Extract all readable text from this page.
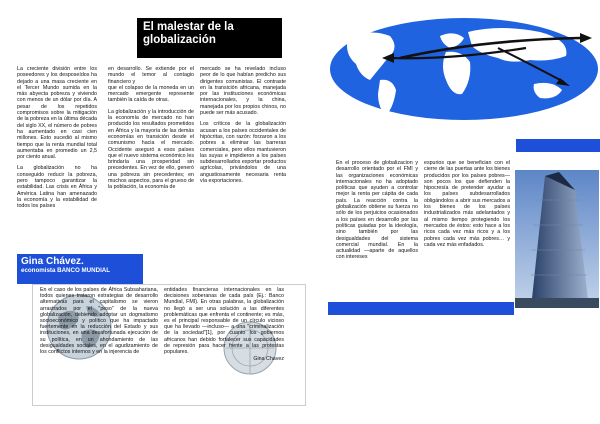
El malestar de la globalización

La creciente división entre los poseedores y los desposeídos ha dejado a una masa creciente en el Tercer Mundo sumida en la más abyecta pobreza y viviendo con menos de un dólar por día. A pesar de los repetidos compromisos sobre la mitigación de la pobreza en la última década del siglo XX, el número de pobres ha aumentado en casi cien millones. Esto sucedió al mismo tiempo que la renta mundial total aumentaba en promedio un 2,5 por ciento anual.

La globalización no ha conseguido reducir la pobreza, pero tampoco garantizar la estabilidad. Las crisis en África y América Latina han amenazado la economía y la estabilidad de todos los países

en desarrollo. Se extiende por el mundo el temor al contagio financiero y

que el colapso de la moneda en un mercado emergente represente también la caída de otras.

La globalización y la introducción de la economía de mercado no han producido los resultados prometidos en África y la mayoría de las demás economías en transición desde el comunismo hacia el mercado. Occidente aseguró a esos países que el nuevo sistema económico les brindaría una prosperidad sin precedentes. En vez de ello, generó una pobreza sin precedentes; en muchos aspectos, para el grueso de la población, la economía de

mercado se ha revelado incluso peor de lo que habían predicho sus dirigentes comunistas. El contraste en la transición africana, manejada por las instituciones económicas internacionales, y la china, manejada por los propios chinos, no puede ser más acusado.

Los críticos de la globalización acusan a los países occidentales de hipócritas, con razón: forzaron a los pobres a eliminar las barreras comerciales, pero ellos mantuvieron las suyas e impidieron a los países subdesarrollados exportar productos agrícolas, privándolos de una angustiosamente necesaria renta vía exportaciones.

Gina Chávez.
economista BANCO MUNDIAL

En el caso de los países de África Subsahariana, todos quienes trataron estrategias de desarrollo alternativas para el capitalismo se vieron arrastrados por el "peso" de la nueva globalización, debiendo adoptar un dogmatismo socioeconómico y político que ha impactado fuertemente en la reducción del Estado y sus instituciones, en una desafortunada ejecución de su política, en un ahondamiento de las desigualdades sociales, en el agudizamiento de los conflictos internos y en la injerencia de

entidades financieras internacionales en las decisiones soberanas de cada país (Ej.: Banco Mundial, FMI). En otras palabras, la globalización no llegó a ser una solución a las diferentes problemáticas que enfrenta el continente; es más, es el principal responsable de un círculo vicioso que ha llevado —incluso— a una "criminalización de la sociedad"[1], por cuanto los gobiernos africanos han debido fortalecer sus capacidades de represión para hacer frente a las protestas populares.

Gina Chavez

En el proceso de globalizacion y desarrollo orientado por el FMI y las organizaciones económicas internacionales no ha adoptado políticas que ayuden a controlar mejor la renta per cápita de cada país. La reacción contra la globalización obtiene su fuerza no sólo de los perjuicios ocasionados a los países en desarrollo por las políticas guiadas por la ideología, sino también por las desigualdades del sistema comercial mundial. En la actualidad —aparte de aquellos con intereses

espurios que se benefician con el cierre de las puertas ante los bienes producidos por los países pobres— son pocos los que defienden la hipocresía de pretender ayudar a los países subdesarrollados obligándolos a abrir sus mercados a los bienes de los países industrializados más adelantados y al mismo tiempo protegiendo los mercados de éstos: esto hace a los ricos cada vez más ricos y a los pobres cada vez más pobres… y cada vez más enfadados.
